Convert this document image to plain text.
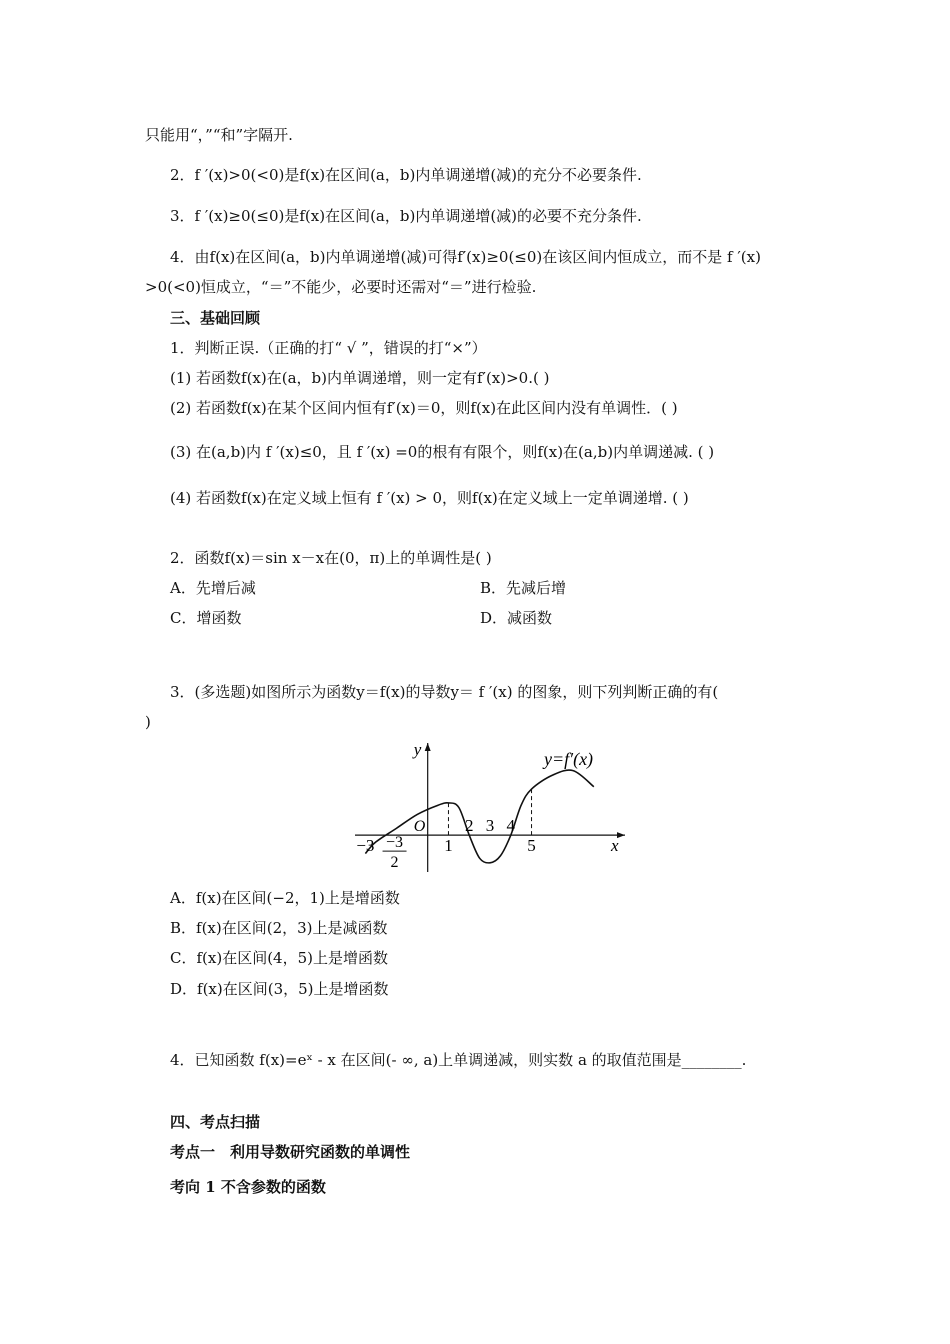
只能用“，”“和”字隔开.
2．f ′(x)>0(<0)是f(x)在区间(a，b)内单调递增(减)的充分不必要条件.
3．f ′(x)≥0(≤0)是f(x)在区间(a，b)内单调递增(减)的必要不充分条件.
4．由f(x)在区间(a，b)内单调递增(减)可得f′(x)≥0(≤0)在该区间内恒成立，而不是 f ′(x)
>0(<0)恒成立，“＝”不能少，必要时还需对“＝”进行检验.
三、基础回顾
1．判断正误.（正确的打“ √ ”，错误的打“×”）
(1) 若函数f(x)在(a，b)内单调递增，则一定有f′(x)>0.( )
(2) 若函数f(x)在某个区间内恒有f′(x)＝0，则f(x)在此区间内没有单调性．( )
(3) 在(a,b)内 f ′(x)≤0，且 f ′(x) =0的根有有限个，则f(x)在(a,b)内单调递减. ( )
(4) 若函数f(x)在定义域上恒有 f ′(x) > 0，则f(x)在定义域上一定单调递增. ( )
2．函数f(x)＝sin x－x在(0，π)上的单调性是( )
A．先增后减	B．先减后增
C．增函数	D．减函数
3．(多选题)如图所示为函数y＝f(x)的导数y＝ f ′(x) 的图象，则下列判断正确的有(
)
x
y
O
y=f′(x)
−3 −3
2
1
2 3 4
5
A．f(x)在区间(−2，1)上是增函数
B．f(x)在区间(2，3)上是减函数
C．f(x)在区间(4，5)上是增函数
D．f(x)在区间(3，5)上是增函数
4．已知函数 f(x)=eˣ - x 在区间(- ∞, a)上单调递减，则实数 a 的取值范围是________.
四、考点扫描
考点一　利用导数研究函数的单调性
考向 1 不含参数的函数
